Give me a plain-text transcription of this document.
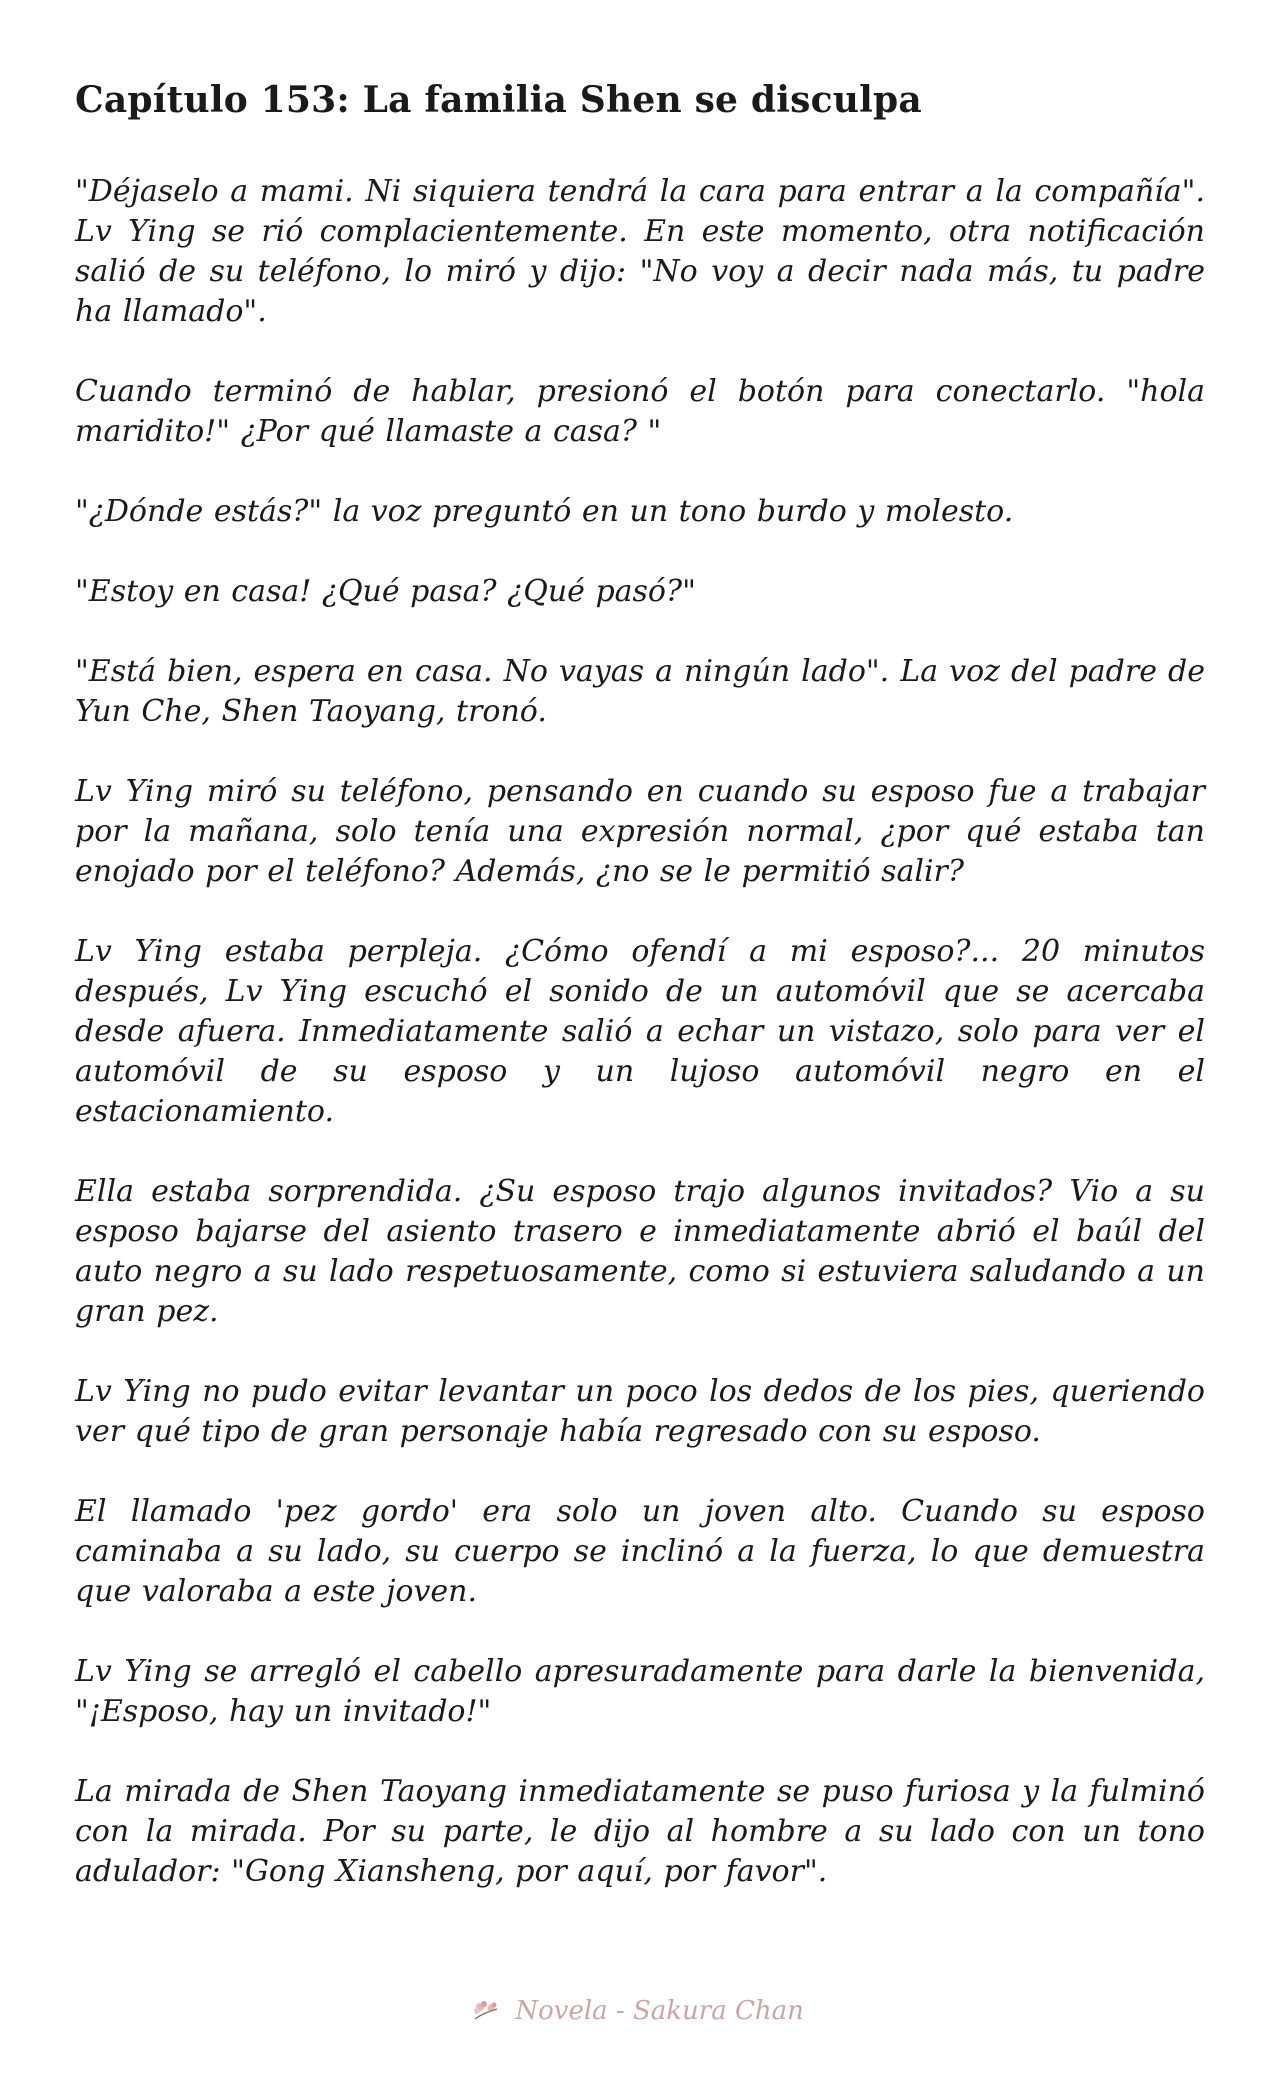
Capítulo 153: La familia Shen se disculpa

"Déjaselo a mami. Ni siquiera tendrá la cara para entrar a la compañía". Lv Ying se rió complacientemente. En este momento, otra notificación salió de su teléfono, lo miró y dijo: "No voy a decir nada más, tu padre ha llamado".

Cuando terminó de hablar, presionó el botón para conectarlo. "hola maridito!" ¿Por qué llamaste a casa? "

"¿Dónde estás?" la voz preguntó en un tono burdo y molesto.

"Estoy en casa! ¿Qué pasa? ¿Qué pasó?"

"Está bien, espera en casa. No vayas a ningún lado". La voz del padre de Yun Che, Shen Taoyang, tronó.

Lv Ying miró su teléfono, pensando en cuando su esposo fue a trabajar por la mañana, solo tenía una expresión normal, ¿por qué estaba tan enojado por el teléfono? Además, ¿no se le permitió salir?

Lv Ying estaba perpleja. ¿Cómo ofendí a mi esposo?... 20 minutos después, Lv Ying escuchó el sonido de un automóvil que se acercaba desde afuera. Inmediatamente salió a echar un vistazo, solo para ver el automóvil de su esposo y un lujoso automóvil negro en el estacionamiento.

Ella estaba sorprendida. ¿Su esposo trajo algunos invitados? Vio a su esposo bajarse del asiento trasero e inmediatamente abrió el baúl del auto negro a su lado respetuosamente, como si estuviera saludando a un gran pez.

Lv Ying no pudo evitar levantar un poco los dedos de los pies, queriendo ver qué tipo de gran personaje había regresado con su esposo.

El llamado 'pez gordo' era solo un joven alto. Cuando su esposo caminaba a su lado, su cuerpo se inclinó a la fuerza, lo que demuestra que valoraba a este joven.

Lv Ying se arregló el cabello apresuradamente para darle la bienvenida, "¡Esposo, hay un invitado!"

La mirada de Shen Taoyang inmediatamente se puso furiosa y la fulminó con la mirada. Por su parte, le dijo al hombre a su lado con un tono adulador: "Gong Xiansheng, por aquí, por favor".

Novela - Sakura Chan
